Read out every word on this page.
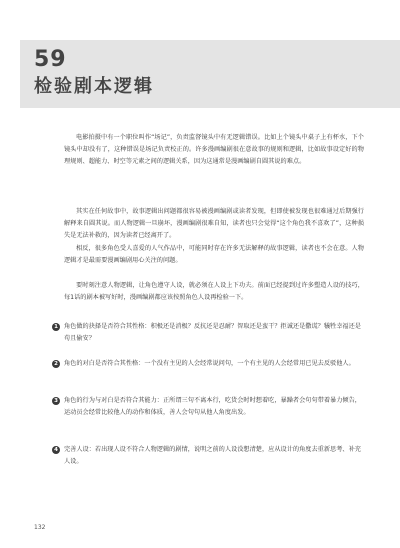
59
检验剧本逻辑

电影拍摄中有一个职位叫作“场记”，负责监督镜头中有无逻辑错误。比如上个镜头中桌子上有杯水，下个镜头中却没有了，这种错误是场记负责校正的。许多漫画编剧很在意故事的规则和逻辑，比如故事设定好的物理规则、超能力、时空等元素之间的逻辑关系，因为这通常是漫画编剧自圆其说的难点。

其实在任何故事中，故事逻辑出问题都很容易被漫画编剧或读者发现，但即使被发现也很难通过后期强行解释来自圆其说。而人物逻辑一旦崩坏，漫画编剧很难自知，读者也只会觉得“这个角色我不喜欢了”，这种损失是无法补救的，因为读者已经离开了。

相反，很多角色受人喜爱的人气作品中，可能同时存在许多无法解释的故事逻辑，读者也不会在意。人物逻辑才是最需要漫画编剧用心关注的问题。

要时刻注意人物逻辑，让角色遵守人设，就必须在人设上下功夫。前面已经提到过许多塑造人设的技巧，每1话的剧本被写好时，漫画编剧都应该按照角色人设再检验一下。

1 角色做的抉择是否符合其性格：积极还是消极？反抗还是忍耐？智取还是蛮干？拒诚还是撒谎？犠牲幸福还是苟且偷安？
2 角色的对白是否符合其性格：一个没有主见的人会经常说问句，一个有主见的人会经常用已见去反驳他人。
3 角色的行为与对白是否符合其能力：正所谓三句不离本行，吃货会时时想着吃，暴躁者会句句带着暴力倾告，运动员会经常比较他人的动作和体质，善人会句句从他人角度出发。
4 完善人设：若出现人设不符合人物逻辑的剧情，说明之前的人设没想清楚，应从设计的角度去重新思考、补充人设。
132
